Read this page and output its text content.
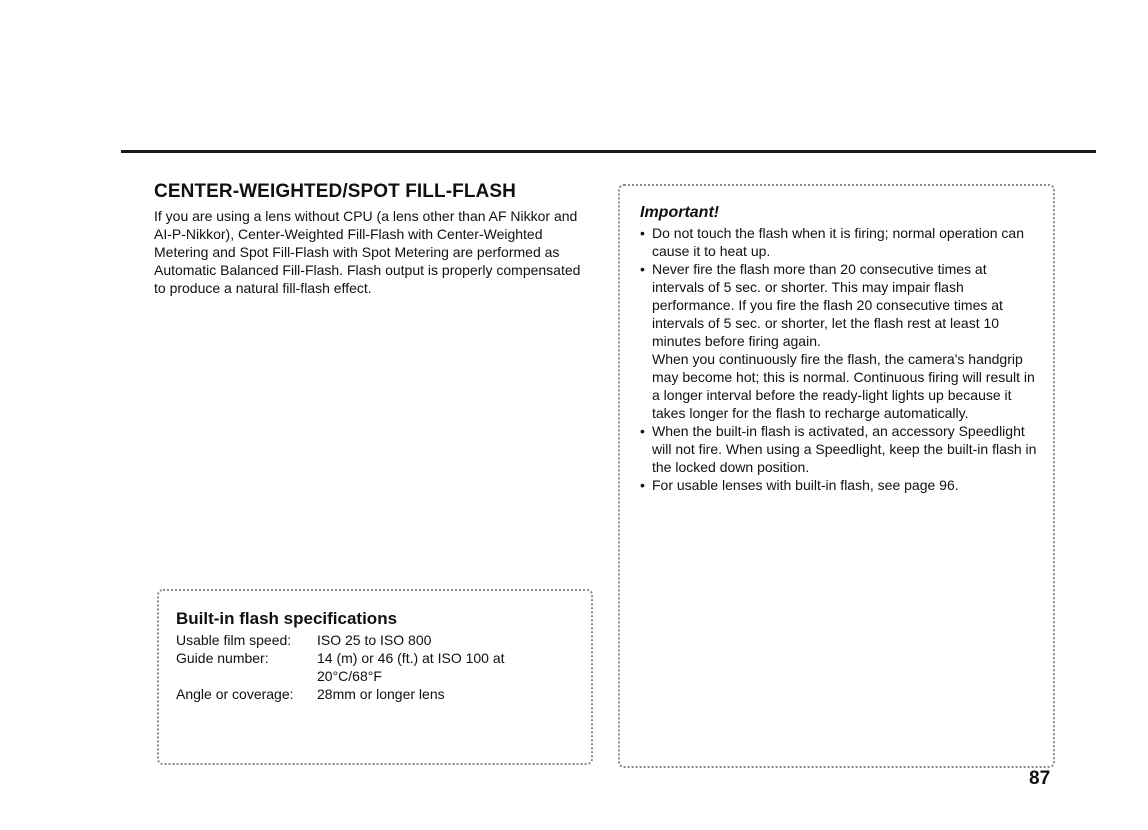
CENTER-WEIGHTED/SPOT FILL-FLASH

If you are using a lens without CPU (a lens other than AF Nikkor and AI-P-Nikkor), Center-Weighted Fill-Flash with Center-Weighted Metering and Spot Fill-Flash with Spot Metering are performed as Automatic Balanced Fill-Flash. Flash output is properly compensated to produce a natural fill-flash effect.

Built-in flash specifications
Usable film speed:	ISO 25 to ISO 800
Guide number:	14 (m) or 46 (ft.) at ISO 100 at 20°C/68°F
Angle or coverage:	28mm or longer lens
Important!
• Do not touch the flash when it is firing; normal operation can cause it to heat up.

• Never fire the flash more than 20 consecutive times at intervals of 5 sec. or shorter. This may impair flash performance. If you fire the flash 20 consecutive times at intervals of 5 sec. or shorter, let the flash rest at least 10 minutes before firing again.

When you continuously fire the flash, the camera's handgrip may become hot; this is normal. Continuous firing will result in a longer interval before the ready-light lights up because it takes longer for the flash to recharge automatically.

• When the built-in flash is activated, an accessory Speedlight will not fire. When using a Speedlight, keep the built-in flash in the locked down position.

• For usable lenses with built-in flash, see page 96.

87
